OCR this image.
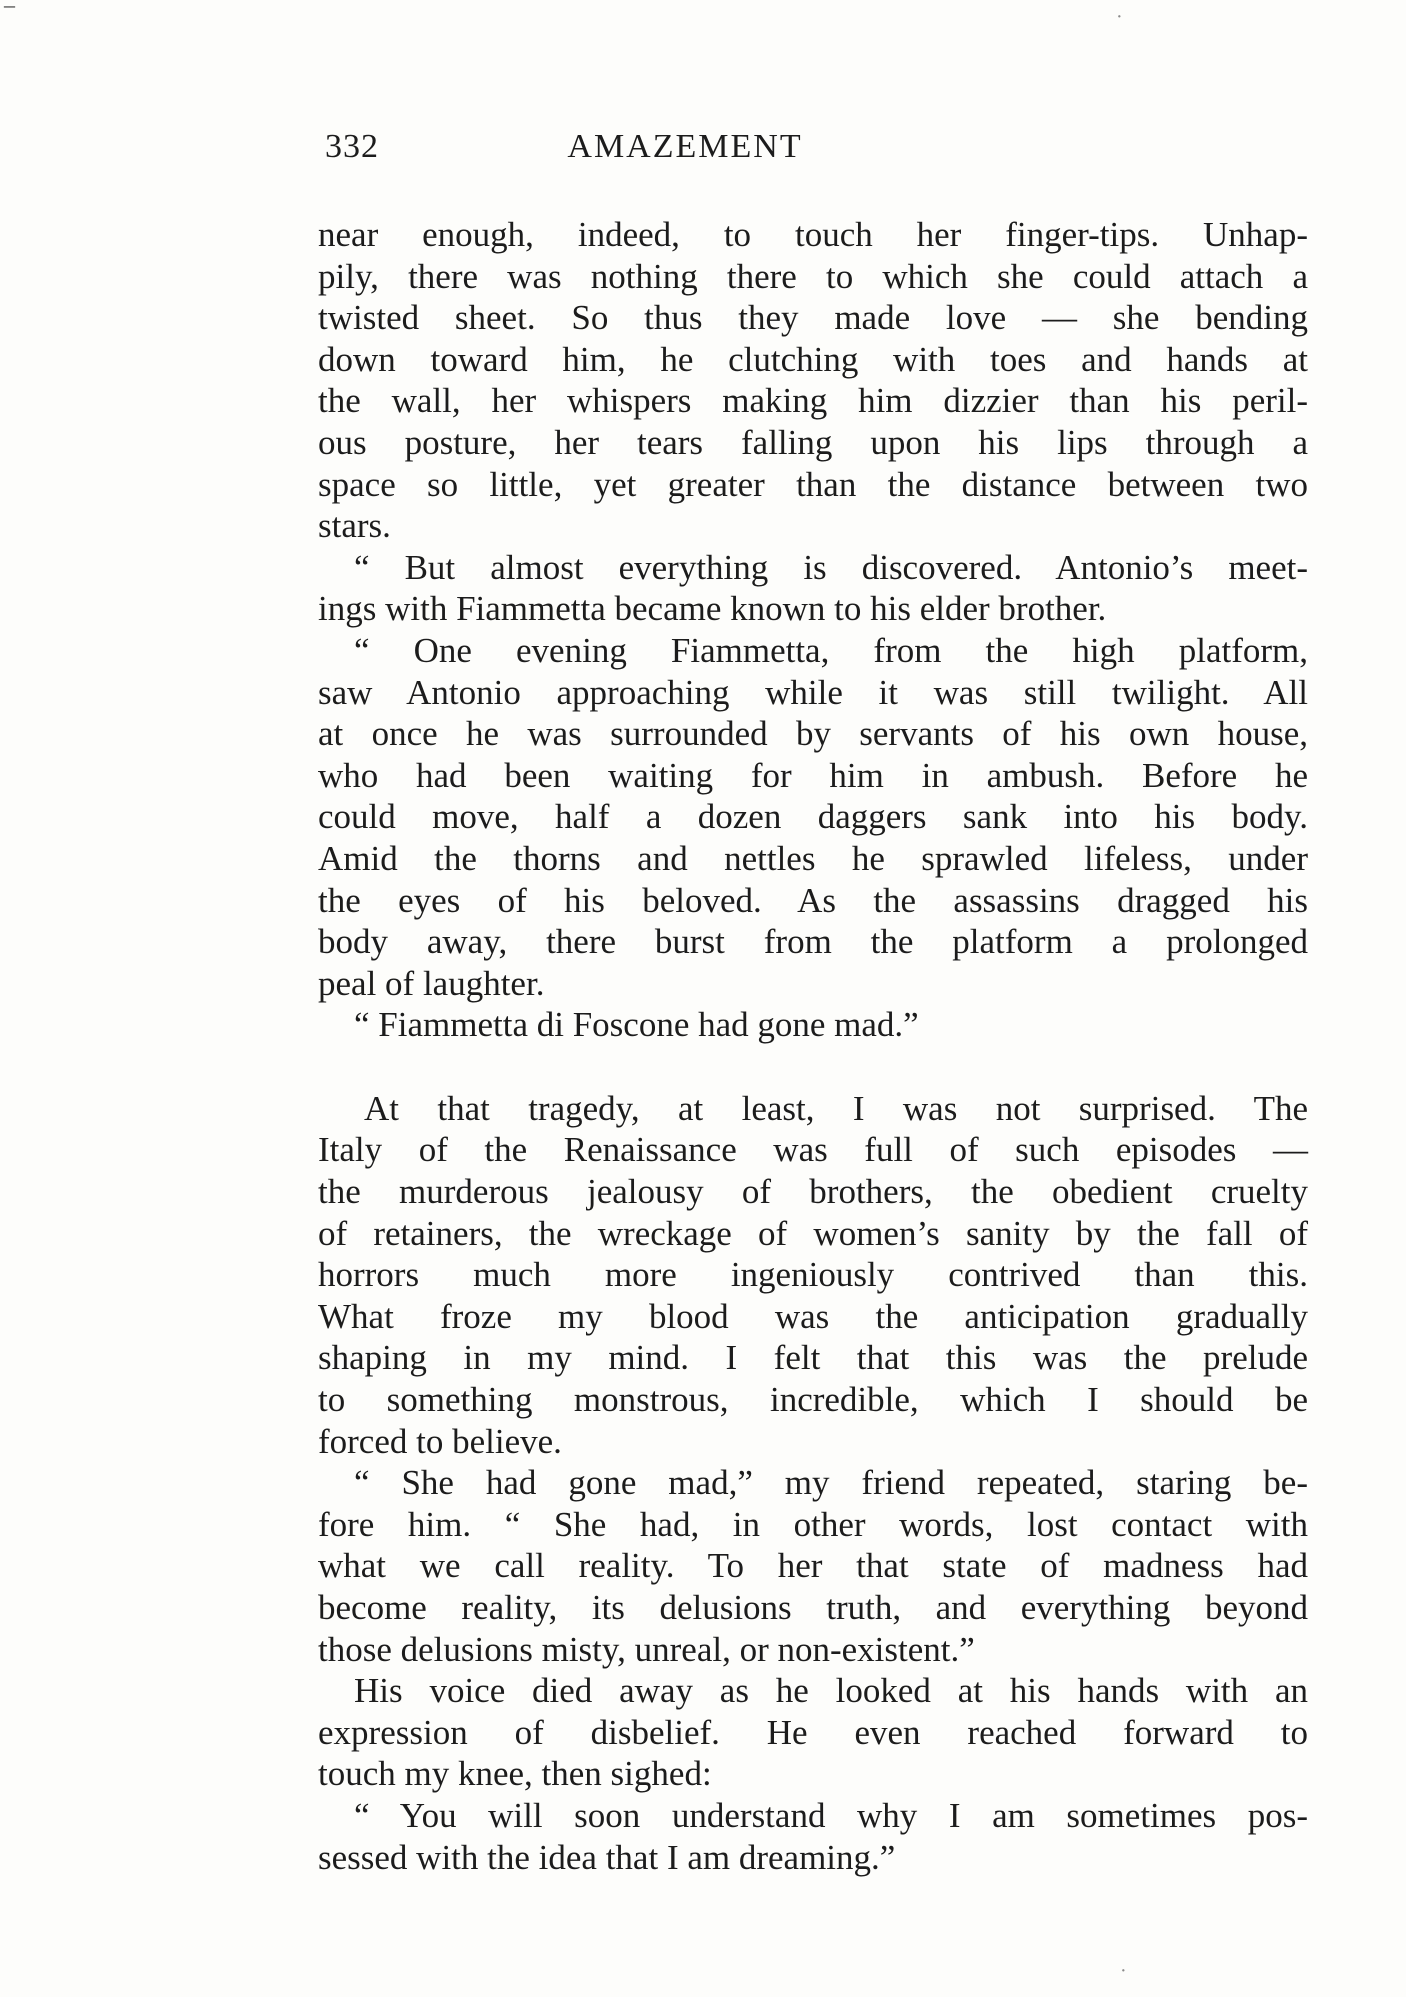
332	AMAZEMENT
near enough, indeed, to touch her finger-tips. Unhap-
pily, there was nothing there to which she could attach a
twisted sheet. So thus they made love — she bending
down toward him, he clutching with toes and hands at
the wall, her whispers making him dizzier than his peril-
ous posture, her tears falling upon his lips through a
space so little, yet greater than the distance between two
stars.
“ But almost everything is discovered. Antonio’s meet-
ings with Fiammetta became known to his elder brother.
“ One evening Fiammetta, from the high platform,
saw Antonio approaching while it was still twilight. All
at once he was surrounded by servants of his own house,
who had been waiting for him in ambush. Before he
could move, half a dozen daggers sank into his body.
Amid the thorns and nettles he sprawled lifeless, under
the eyes of his beloved. As the assassins dragged his
body away, there burst from the platform a prolonged
peal of laughter.
“ Fiammetta di Foscone had gone mad.”
At that tragedy, at least, I was not surprised. The
Italy of the Renaissance was full of such episodes —
the murderous jealousy of brothers, the obedient cruelty
of retainers, the wreckage of women’s sanity by the fall of
horrors much more ingeniously contrived than this.
What froze my blood was the anticipation gradually
shaping in my mind. I felt that this was the prelude
to something monstrous, incredible, which I should be
forced to believe.
“ She had gone mad,” my friend repeated, staring be-
fore him. “ She had, in other words, lost contact with
what we call reality. To her that state of madness had
become reality, its delusions truth, and everything beyond
those delusions misty, unreal, or non-existent.”
His voice died away as he looked at his hands with an
expression of disbelief. He even reached forward to
touch my knee, then sighed:
“ You will soon understand why I am sometimes pos-
sessed with the idea that I am dreaming.”
–	·
·
